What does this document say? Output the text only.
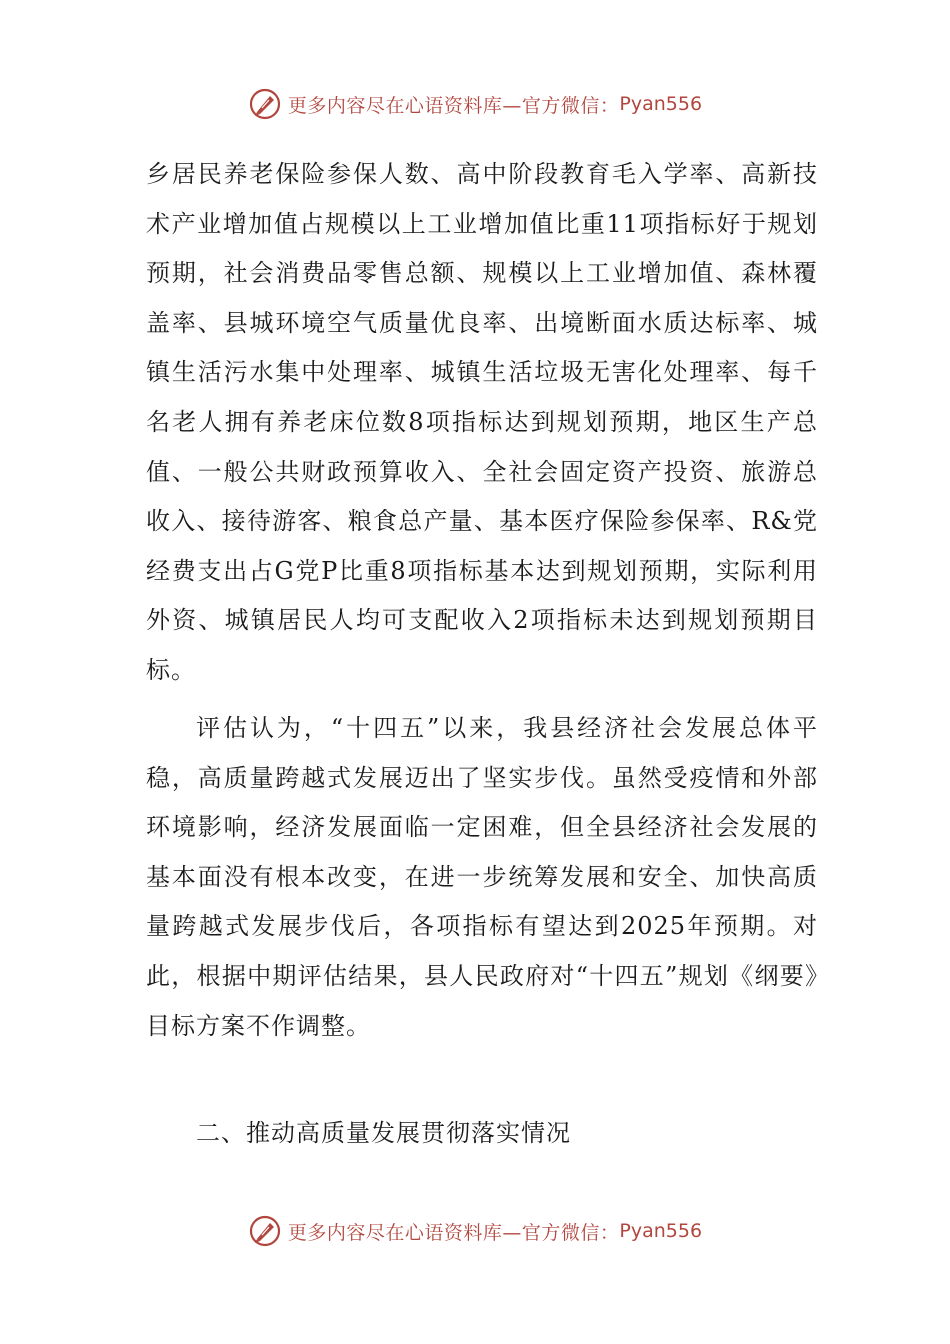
更多内容尽在心语资料库—官方微信： Pyan556

乡居民养老保险参保人数、高中阶段教育毛入学率、高新技术产业增加值占规模以上工业增加值比重11项指标好于规划预期，社会消费品零售总额、规模以上工业增加值、森林覆盖率、县城环境空气质量优良率、出境断面水质达标率、城镇生活污水集中处理率、城镇生活垃圾无害化处理率、每千名老人拥有养老床位数8项指标达到规划预期，地区生产总值、一般公共财政预算收入、全社会固定资产投资、旅游总收入、接待游客、粮食总产量、基本医疗保险参保率、R&党经费支出占G党P比重8项指标基本达到规划预期，实际利用外资、城镇居民人均可支配收入2项指标未达到规划预期目标。

评估认为，“十四五”以来，我县经济社会发展总体平稳，高质量跨越式发展迈出了坚实步伐。虽然受疫情和外部环境影响，经济发展面临一定困难，但全县经济社会发展的基本面没有根本改变，在进一步统筹发展和安全、加快高质量跨越式发展步伐后，各项指标有望达到2025年预期。对此，根据中期评估结果，县人民政府对“十四五”规划《纲要》目标方案不作调整。

二、推动高质量发展贯彻落实情况

更多内容尽在心语资料库—官方微信： Pyan556
